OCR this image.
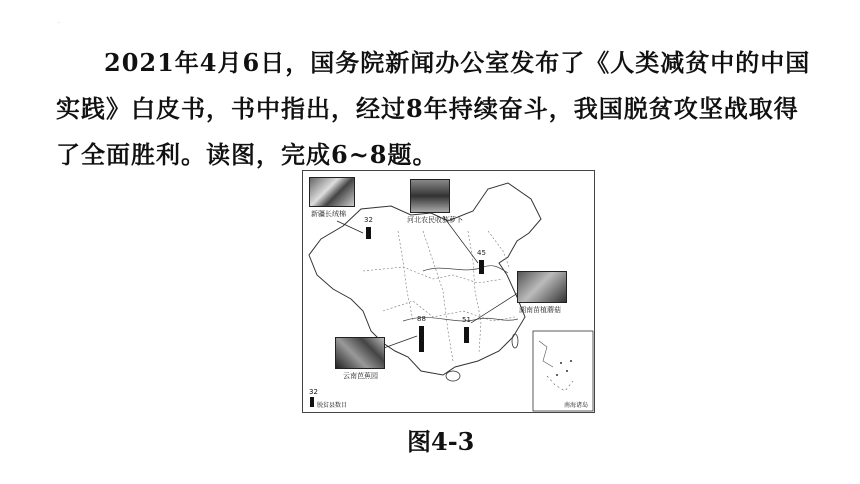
.

2021年4月6日，国务院新闻办公室发布了《人类减贫中的中国实践》白皮书，书中指出，经过8年持续奋斗，我国脱贫攻坚战取得了全面胜利。读图，完成6~8题。

新疆长绒棉
河北农民收获萝卜
湖南苗植蘑菇
云南芭蕉园
32
45
88	51
32
脱贫县数目	南海诸岛
图4-3
